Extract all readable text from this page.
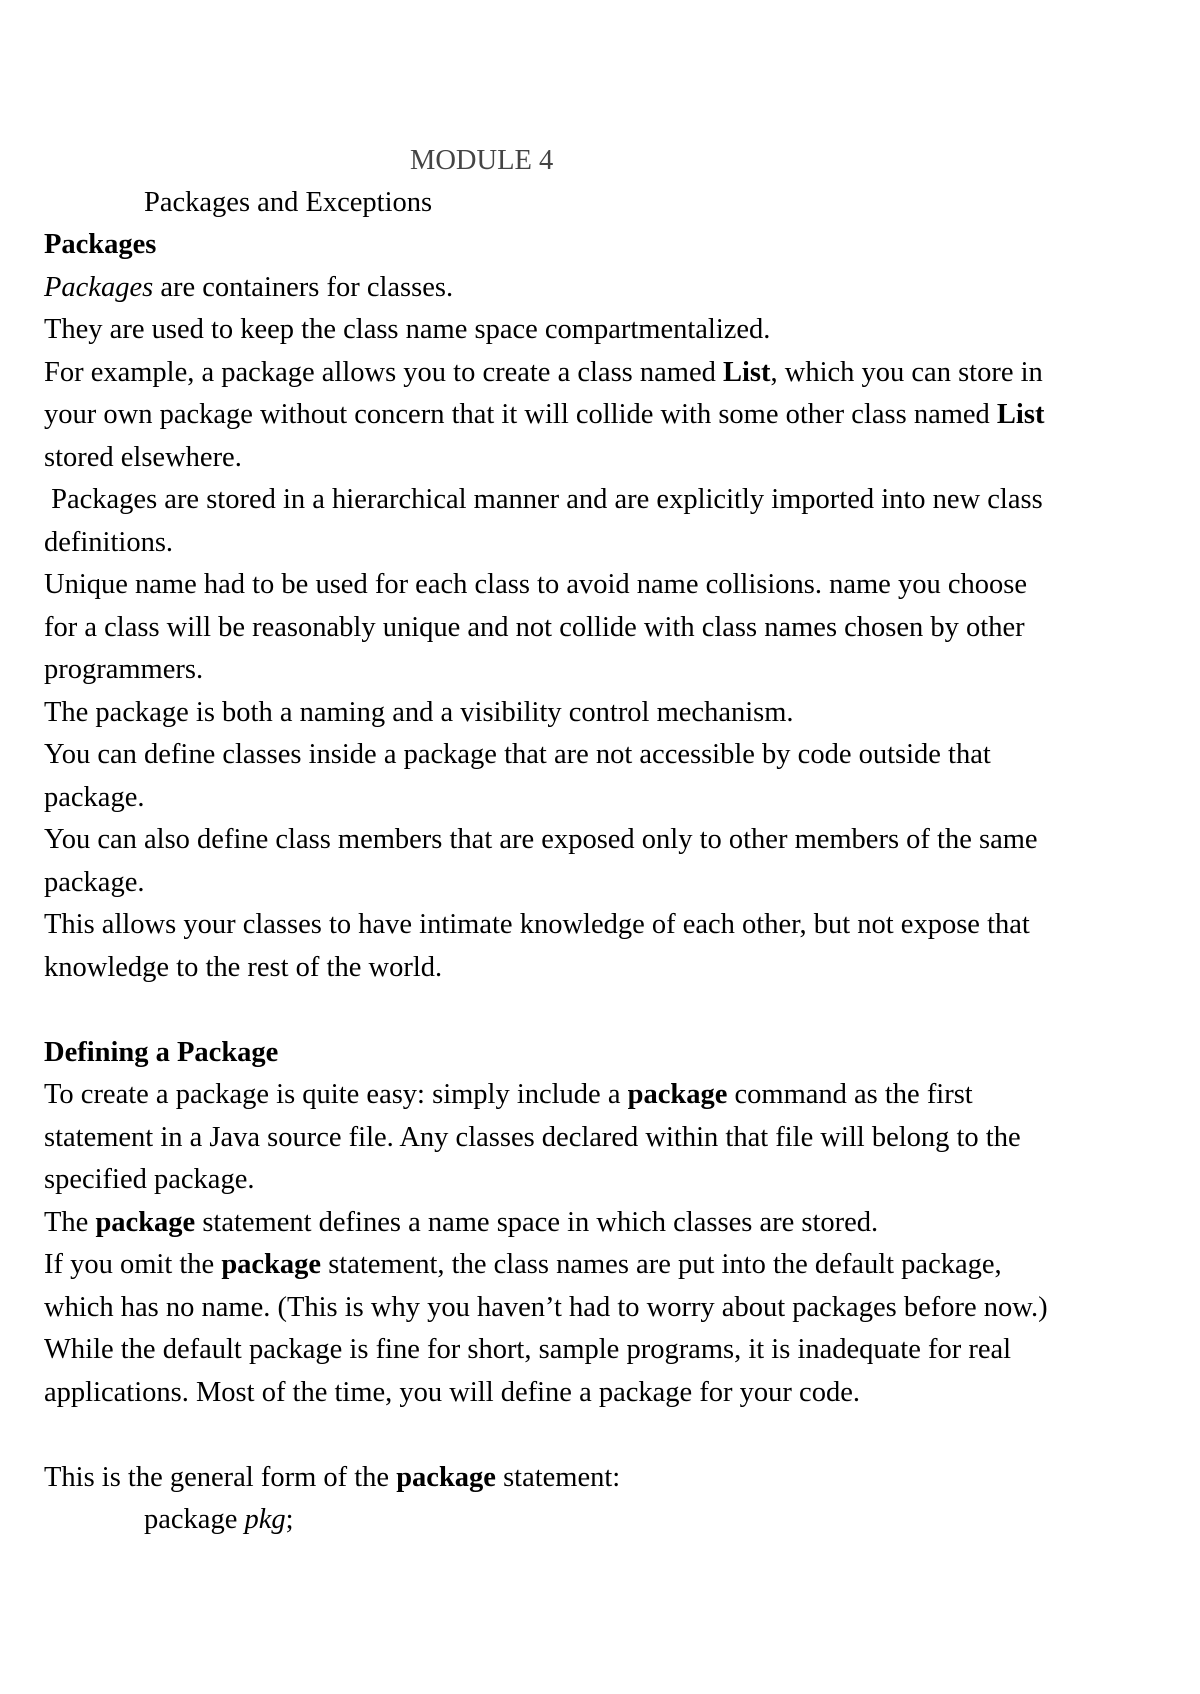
MODULE 4
Packages and Exceptions
Packages
Packages are containers for classes.
They are used to keep the class name space compartmentalized.
For example, a package allows you to create a class named List, which you can store in
your own package without concern that it will collide with some other class named List
stored elsewhere.
Packages are stored in a hierarchical manner and are explicitly imported into new class
definitions.
Unique name had to be used for each class to avoid name collisions. name you choose
for a class will be reasonably unique and not collide with class names chosen by other
programmers.
The package is both a naming and a visibility control mechanism.
You can define classes inside a package that are not accessible by code outside that
package.
You can also define class members that are exposed only to other members of the same
package.
This allows your classes to have intimate knowledge of each other, but not expose that
knowledge to the rest of the world.
Defining a Package
To create a package is quite easy: simply include a package command as the first
statement in a Java source file. Any classes declared within that file will belong to the
specified package.
The package statement defines a name space in which classes are stored.
If you omit the package statement, the class names are put into the default package,
which has no name. (This is why you haven’t had to worry about packages before now.)
While the default package is fine for short, sample programs, it is inadequate for real
applications. Most of the time, you will define a package for your code.
This is the general form of the package statement:
package pkg;
